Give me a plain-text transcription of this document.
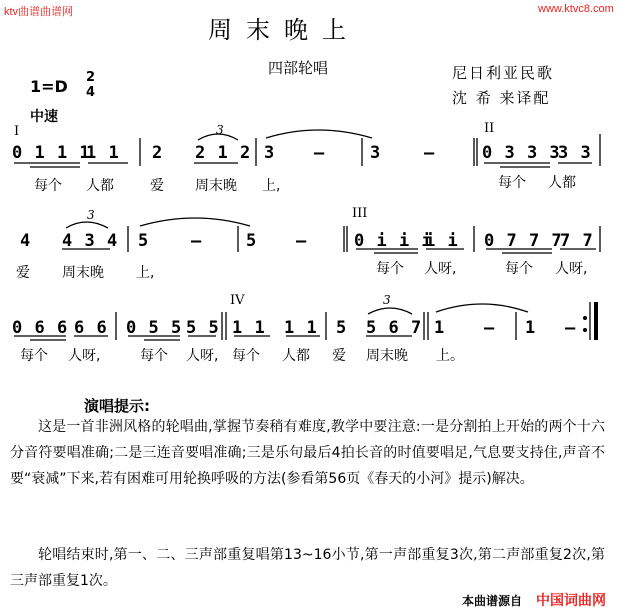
ktv曲谱曲谱网	www.ktvc8.com
周末晚上
四部轮唱	尼日利亚民歌
沈 希 来译配
1=D 2
4
中速
I	II
III
IV
3
3
3
0 1 1 1
1 1 2 2 1 2 3 –	3	–	0 3 3 3
3 3
每个 人都	爱 周末晚 上,	每个 人都
4 4 3 4 5 –	5 –	0 i i i
i i 0 7 7 7
7 7
爱 周末晚 上,	每个 人呀,	每个 人呀,
0 6 6 6 6 0 5 5 5 5 1 1 1 1 5 5 6 7 1 – 1 –
每个 人呀,	每个 人呀, 每个 人都 爱 周末晚 上。
演唱提示:
这是一首非洲风格的轮唱曲,掌握节奏稍有难度,教学中要注意:一是分割拍上开始的两个十六分音符要唱准确;二是三连音要唱准确;三是乐句最后4拍长音的时值要唱足,气息要支持住,声音不要“衰减”下来,若有困难可用轮换呼吸的方法(参看第56页《春天的小河》提示)解决。
轮唱结束时,第一、二、三声部重复唱第13~16小节,第一声部重复3次,第二声部重复2次,第三声部重复1次。
本曲谱源自 中国词曲网
